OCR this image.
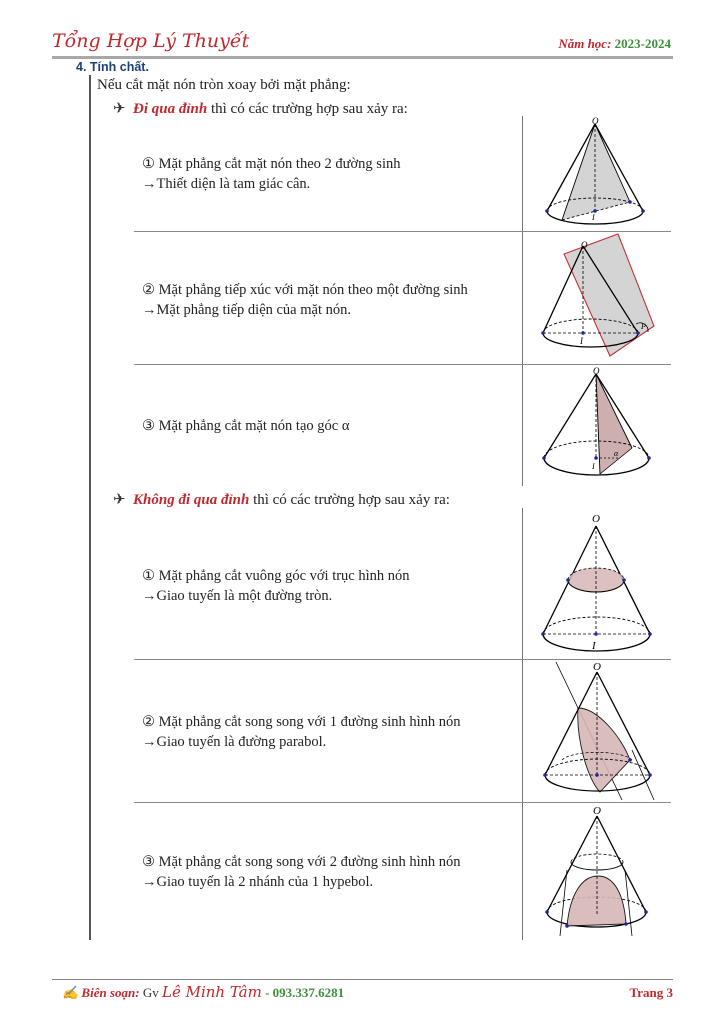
Tổng Hợp Lý Thuyết	Năm học: 2023-2024
4. Tính chất.
Nếu cắt mặt nón tròn xoay bởi mặt phẳng:
✈ Đi qua đỉnh thì có các trường hợp sau xảy ra:
① Mặt phẳng cắt mặt nón theo 2 đường sinh
→Thiết diện là tam giác cân.
② Mặt phẳng tiếp xúc với mặt nón theo một đường sinh
→Mặt phẳng tiếp diện của mặt nón.
③ Mặt phẳng cắt mặt nón tạo góc α
O
I
O
I
P
O
I
α
✈ Không đi qua đỉnh thì có các trường hợp sau xảy ra:
① Mặt phẳng cắt vuông góc với trục hình nón
→Giao tuyến là một đường tròn.
② Mặt phẳng cắt song song với 1 đường sinh hình nón
→Giao tuyến là đường parabol.
③ Mặt phẳng cắt song song với 2 đường sinh hình nón
→Giao tuyến là 2 nhánh của 1 hypebol.
O
I
O
O
✍ Biên soạn: Gv Lê Minh Tâm - 093.337.6281	Trang 3
